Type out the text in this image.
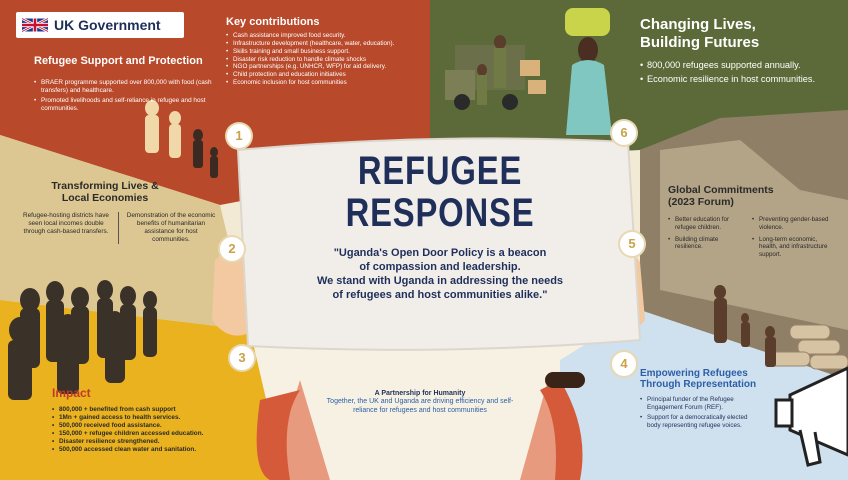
UK Government
Refugee Support and Protection
• BRAER programme supported over 800,000 with food (cash transfers) and healthcare.
• Promoted livelihoods and self-reliance in refugee and host communities.
Key contributions
• Cash assistance improved food security.
• Infrastructure development (healthcare, water, education).
• Skills training and small business support.
• Disaster risk reduction to handle climate shocks
• NGO partnerships (e.g. UNHCR, WFP) for aid delivery.
• Child protection and education initiatives
• Economic inclusion for host communities
Changing Lives,
Building Futures
• 800,000 refugees supported annually.
• Economic resilience in host communities.
Transforming Lives &
Local Economies
Refugee-hosting districts have seen local incomes double through cash-based transfers.
Demonstration of the economic benefits of humanitarian assistance for host communities.
Global Commitments
(2023 Forum)
• Better education for refugee children.
• Building climate resilience.
• Preventing gender-based violence.
• Long-term economic, health, and infrastructure support.
REFUGEE
RESPONSE
"Uganda's Open Door Policy is a beacon
of compassion and leadership.
We stand with Uganda in addressing the needs
of refugees and host communities alike."
Impact
• 800,000 + benefited from cash support
• 1Mn + gained access to health services.
• 500,000 received food assistance.
• 150,000 + refugee children accessed education.
• Disaster resilience strengthened.
• 500,000 accessed clean water and sanitation.
A Partnership for Humanity
Together, the UK and Uganda are driving efficiency and self-reliance for refugees and host communities
Empowering Refugees
Through Representation
• Principal funder of the Refugee Engagement Forum (REF).
• Support for a democratically elected body representing refugee voices.
1
2
3	4
5
6
